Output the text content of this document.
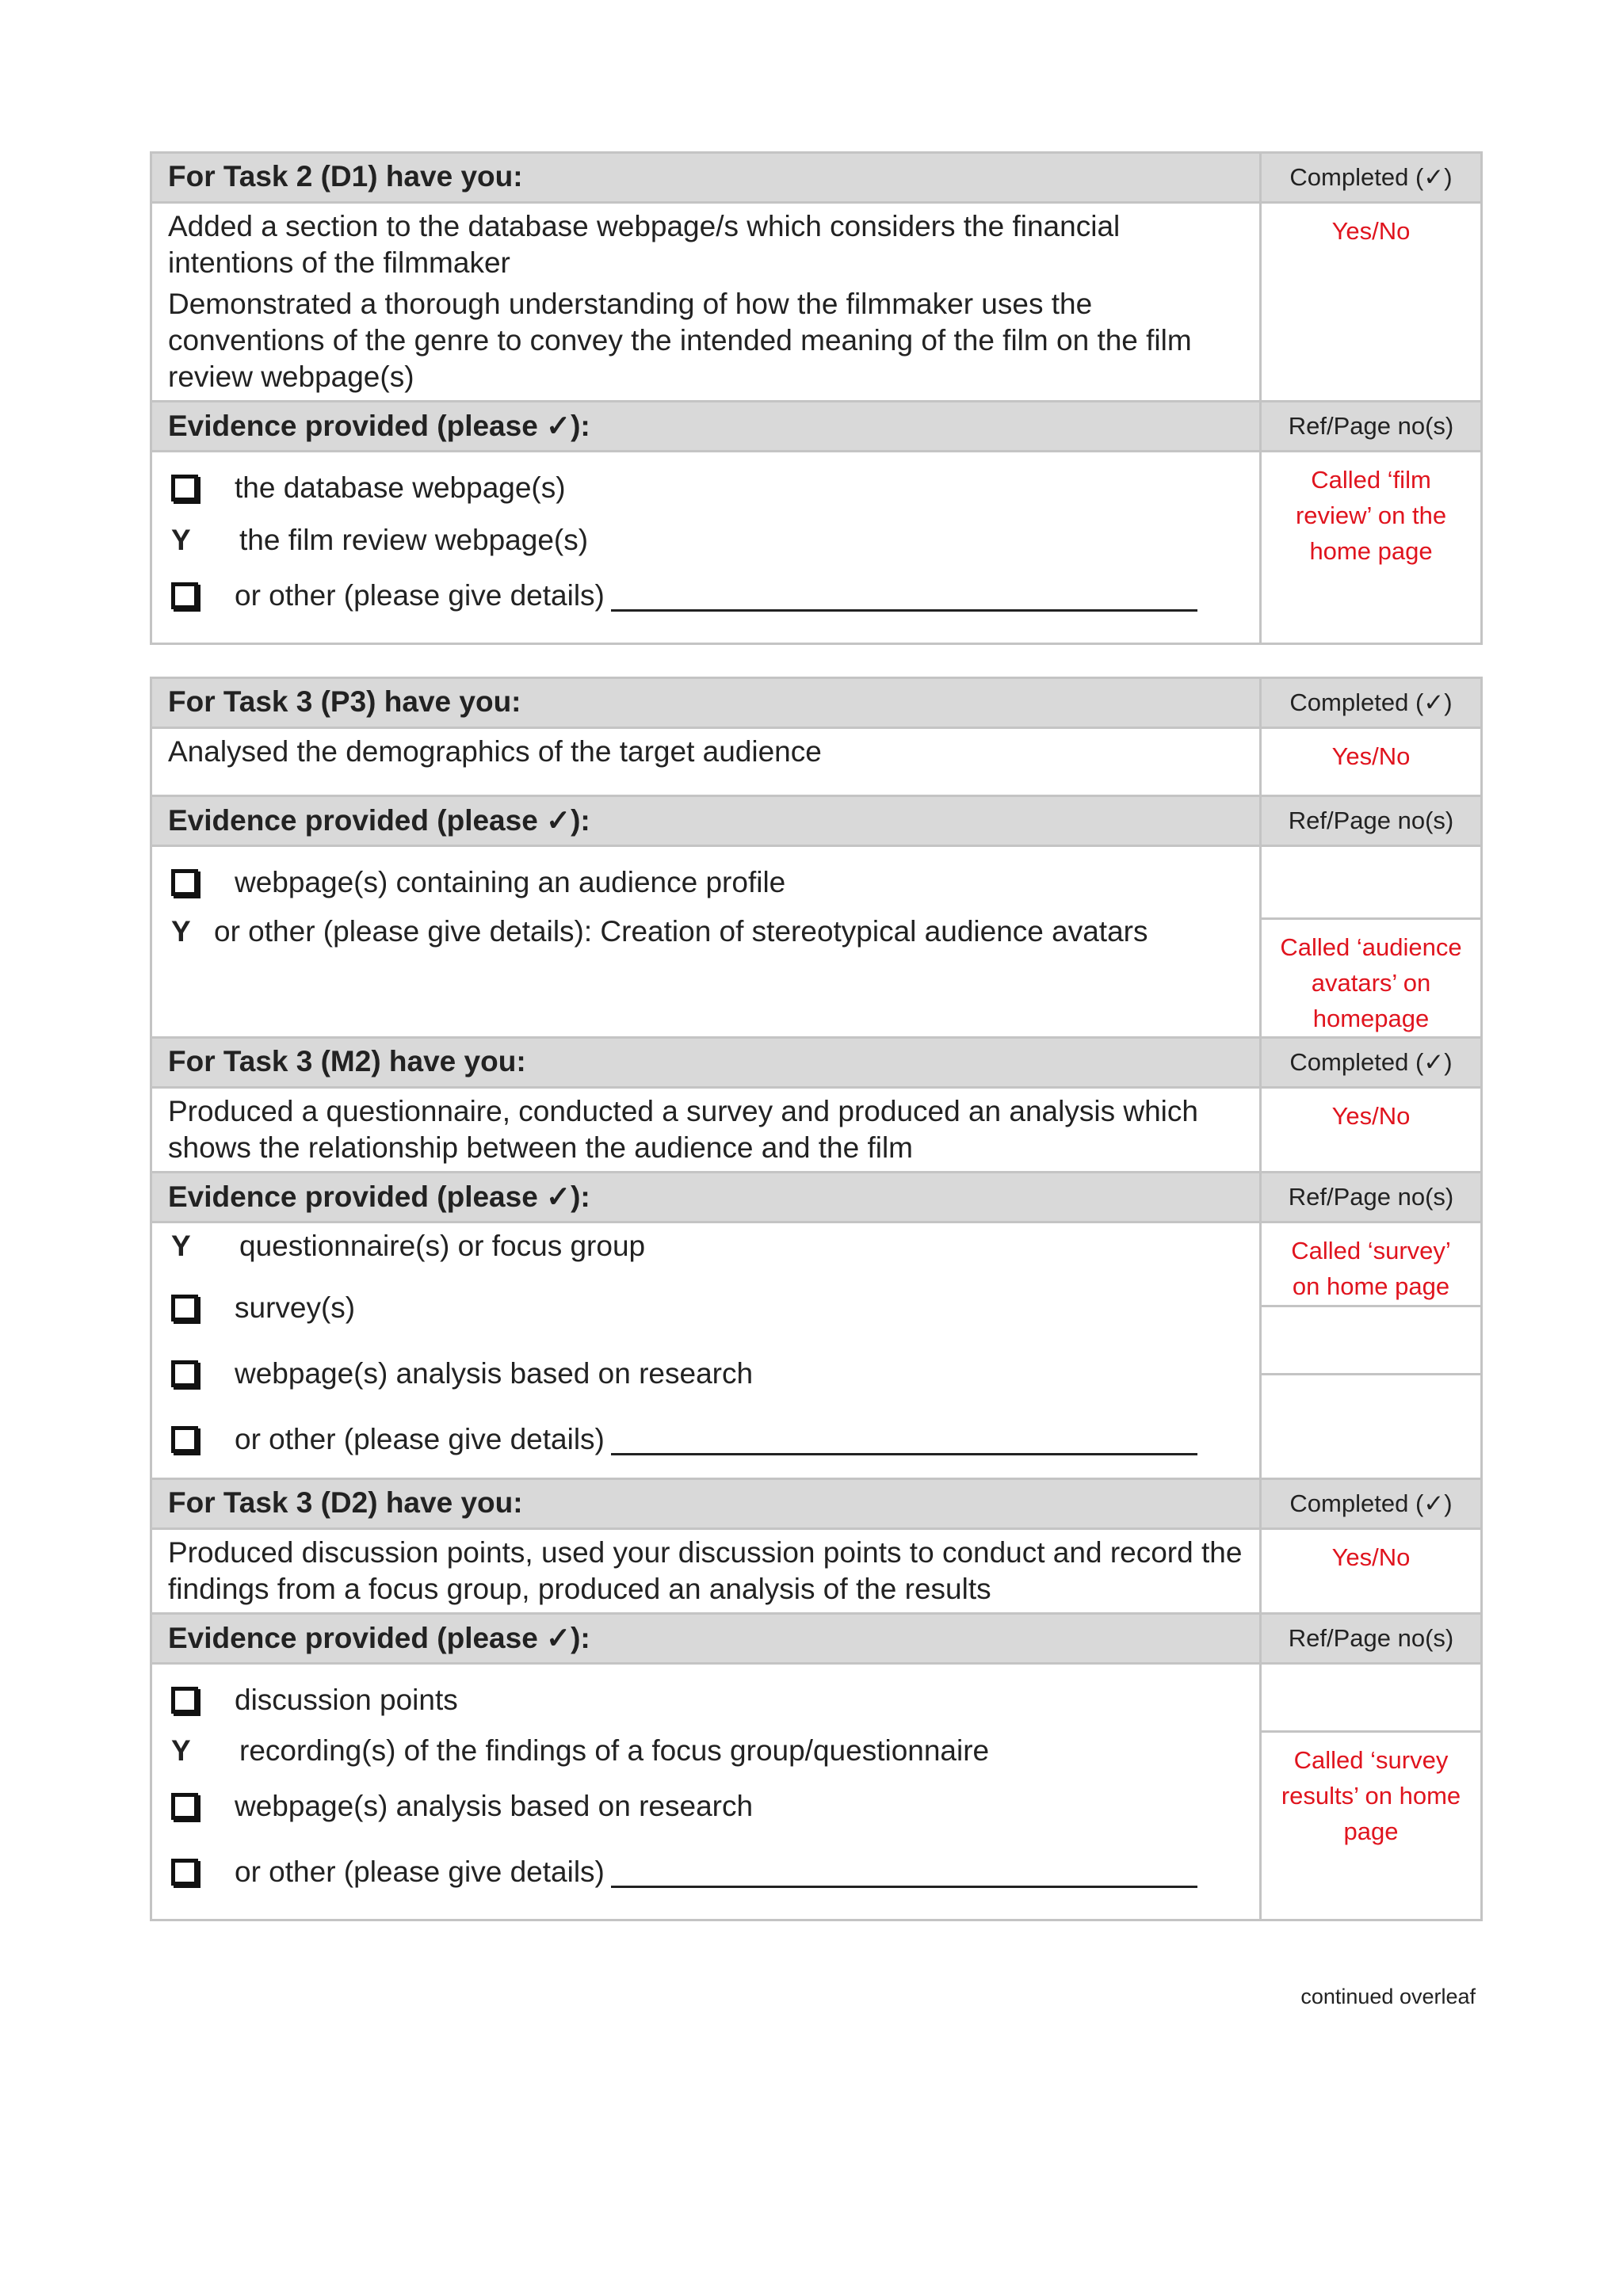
For Task 2 (D1) have you:	Completed (✓)

Added a section to the database webpage/s which considers the financial intentions of the filmmaker
Demonstrated a thorough understanding of how the filmmaker uses the conventions of the genre to convey the intended meaning of the film on the film review webpage(s)	Yes/No
Evidence provided (please ✓):	Ref/Page no(s)

the database webpage(s)
Y the film review webpage(s)
or other (please give details)	Called ‘film review’ on the home page
For Task 3 (P3) have you:	Completed (✓)
Analysed the demographics of the target audience	Yes/No
Evidence provided (please ✓):	Ref/Page no(s)

webpage(s) containing an audience profile
Y or other (please give details): Creation of stereotypical audience avatars	Called ‘audience avatars’ on homepage

For Task 3 (M2) have you:	Completed (✓)
Produced a questionnaire, conducted a survey and produced an analysis which shows the relationship between the audience and the film	Yes/No
Evidence provided (please ✓):	Ref/Page no(s)

Y questionnaire(s) or focus group
survey(s)
webpage(s) analysis based on research
or other (please give details)	Called ‘survey’ on home page

For Task 3 (D2) have you:	Completed (✓)
Produced discussion points, used your discussion points to conduct and record the findings from a focus group, produced an analysis of the results	Yes/No
Evidence provided (please ✓):	Ref/Page no(s)

discussion points
Y recording(s) of the findings of a focus group/questionnaire
webpage(s) analysis based on research
or other (please give details)	Called ‘survey results’ on home page
continued overleaf
